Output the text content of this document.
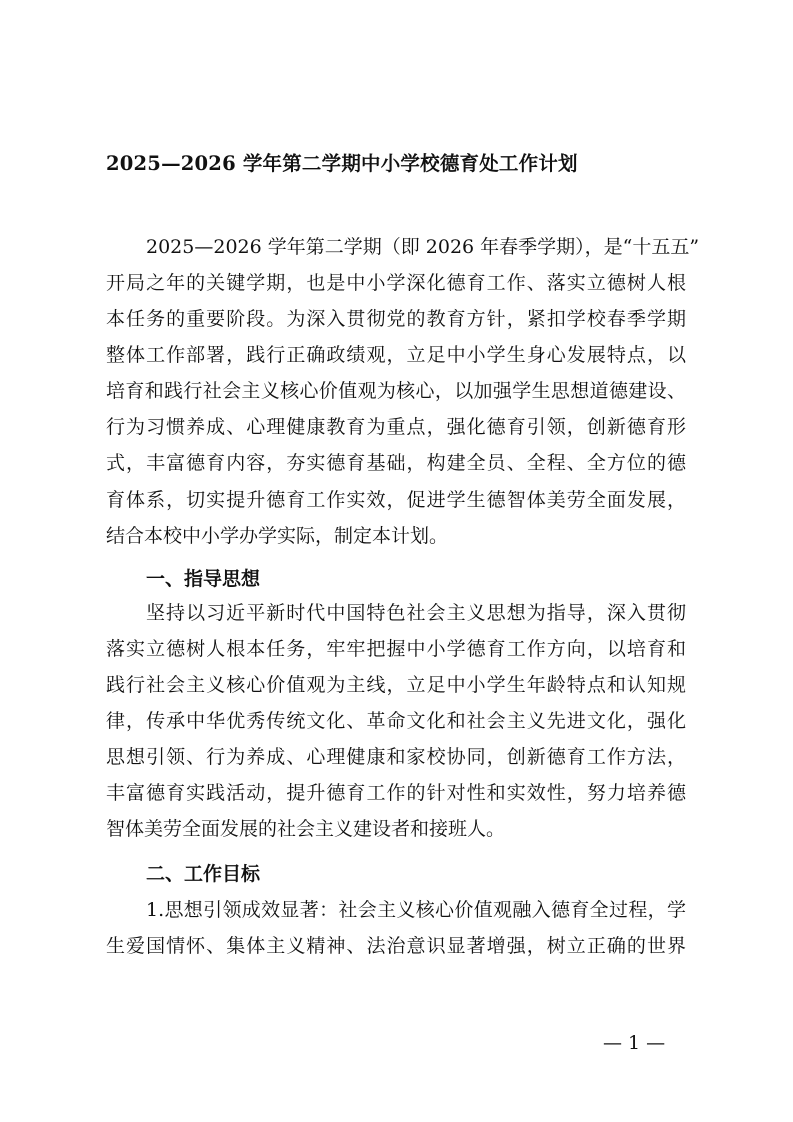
2025—2026 学年第二学期中小学校德育处工作计划
2025—2026 学年第二学期（即 2026 年春季学期），是“十五五”
开局之年的关键学期，也是中小学深化德育工作、落实立德树人根
本任务的重要阶段。为深入贯彻党的教育方针，紧扣学校春季学期
整体工作部署，践行正确政绩观，立足中小学生身心发展特点，以
培育和践行社会主义核心价值观为核心，以加强学生思想道德建设、
行为习惯养成、心理健康教育为重点，强化德育引领，创新德育形
式，丰富德育内容，夯实德育基础，构建全员、全程、全方位的德
育体系，切实提升德育工作实效，促进学生德智体美劳全面发展，
结合本校中小学办学实际，制定本计划。
一、指导思想
坚持以习近平新时代中国特色社会主义思想为指导，深入贯彻
落实立德树人根本任务，牢牢把握中小学德育工作方向，以培育和
践行社会主义核心价值观为主线，立足中小学生年龄特点和认知规
律，传承中华优秀传统文化、革命文化和社会主义先进文化，强化
思想引领、行为养成、心理健康和家校协同，创新德育工作方法，
丰富德育实践活动，提升德育工作的针对性和实效性，努力培养德
智体美劳全面发展的社会主义建设者和接班人。
二、工作目标
1.思想引领成效显著：社会主义核心价值观融入德育全过程，学
生爱国情怀、集体主义精神、法治意识显著增强，树立正确的世界
— 1 —
